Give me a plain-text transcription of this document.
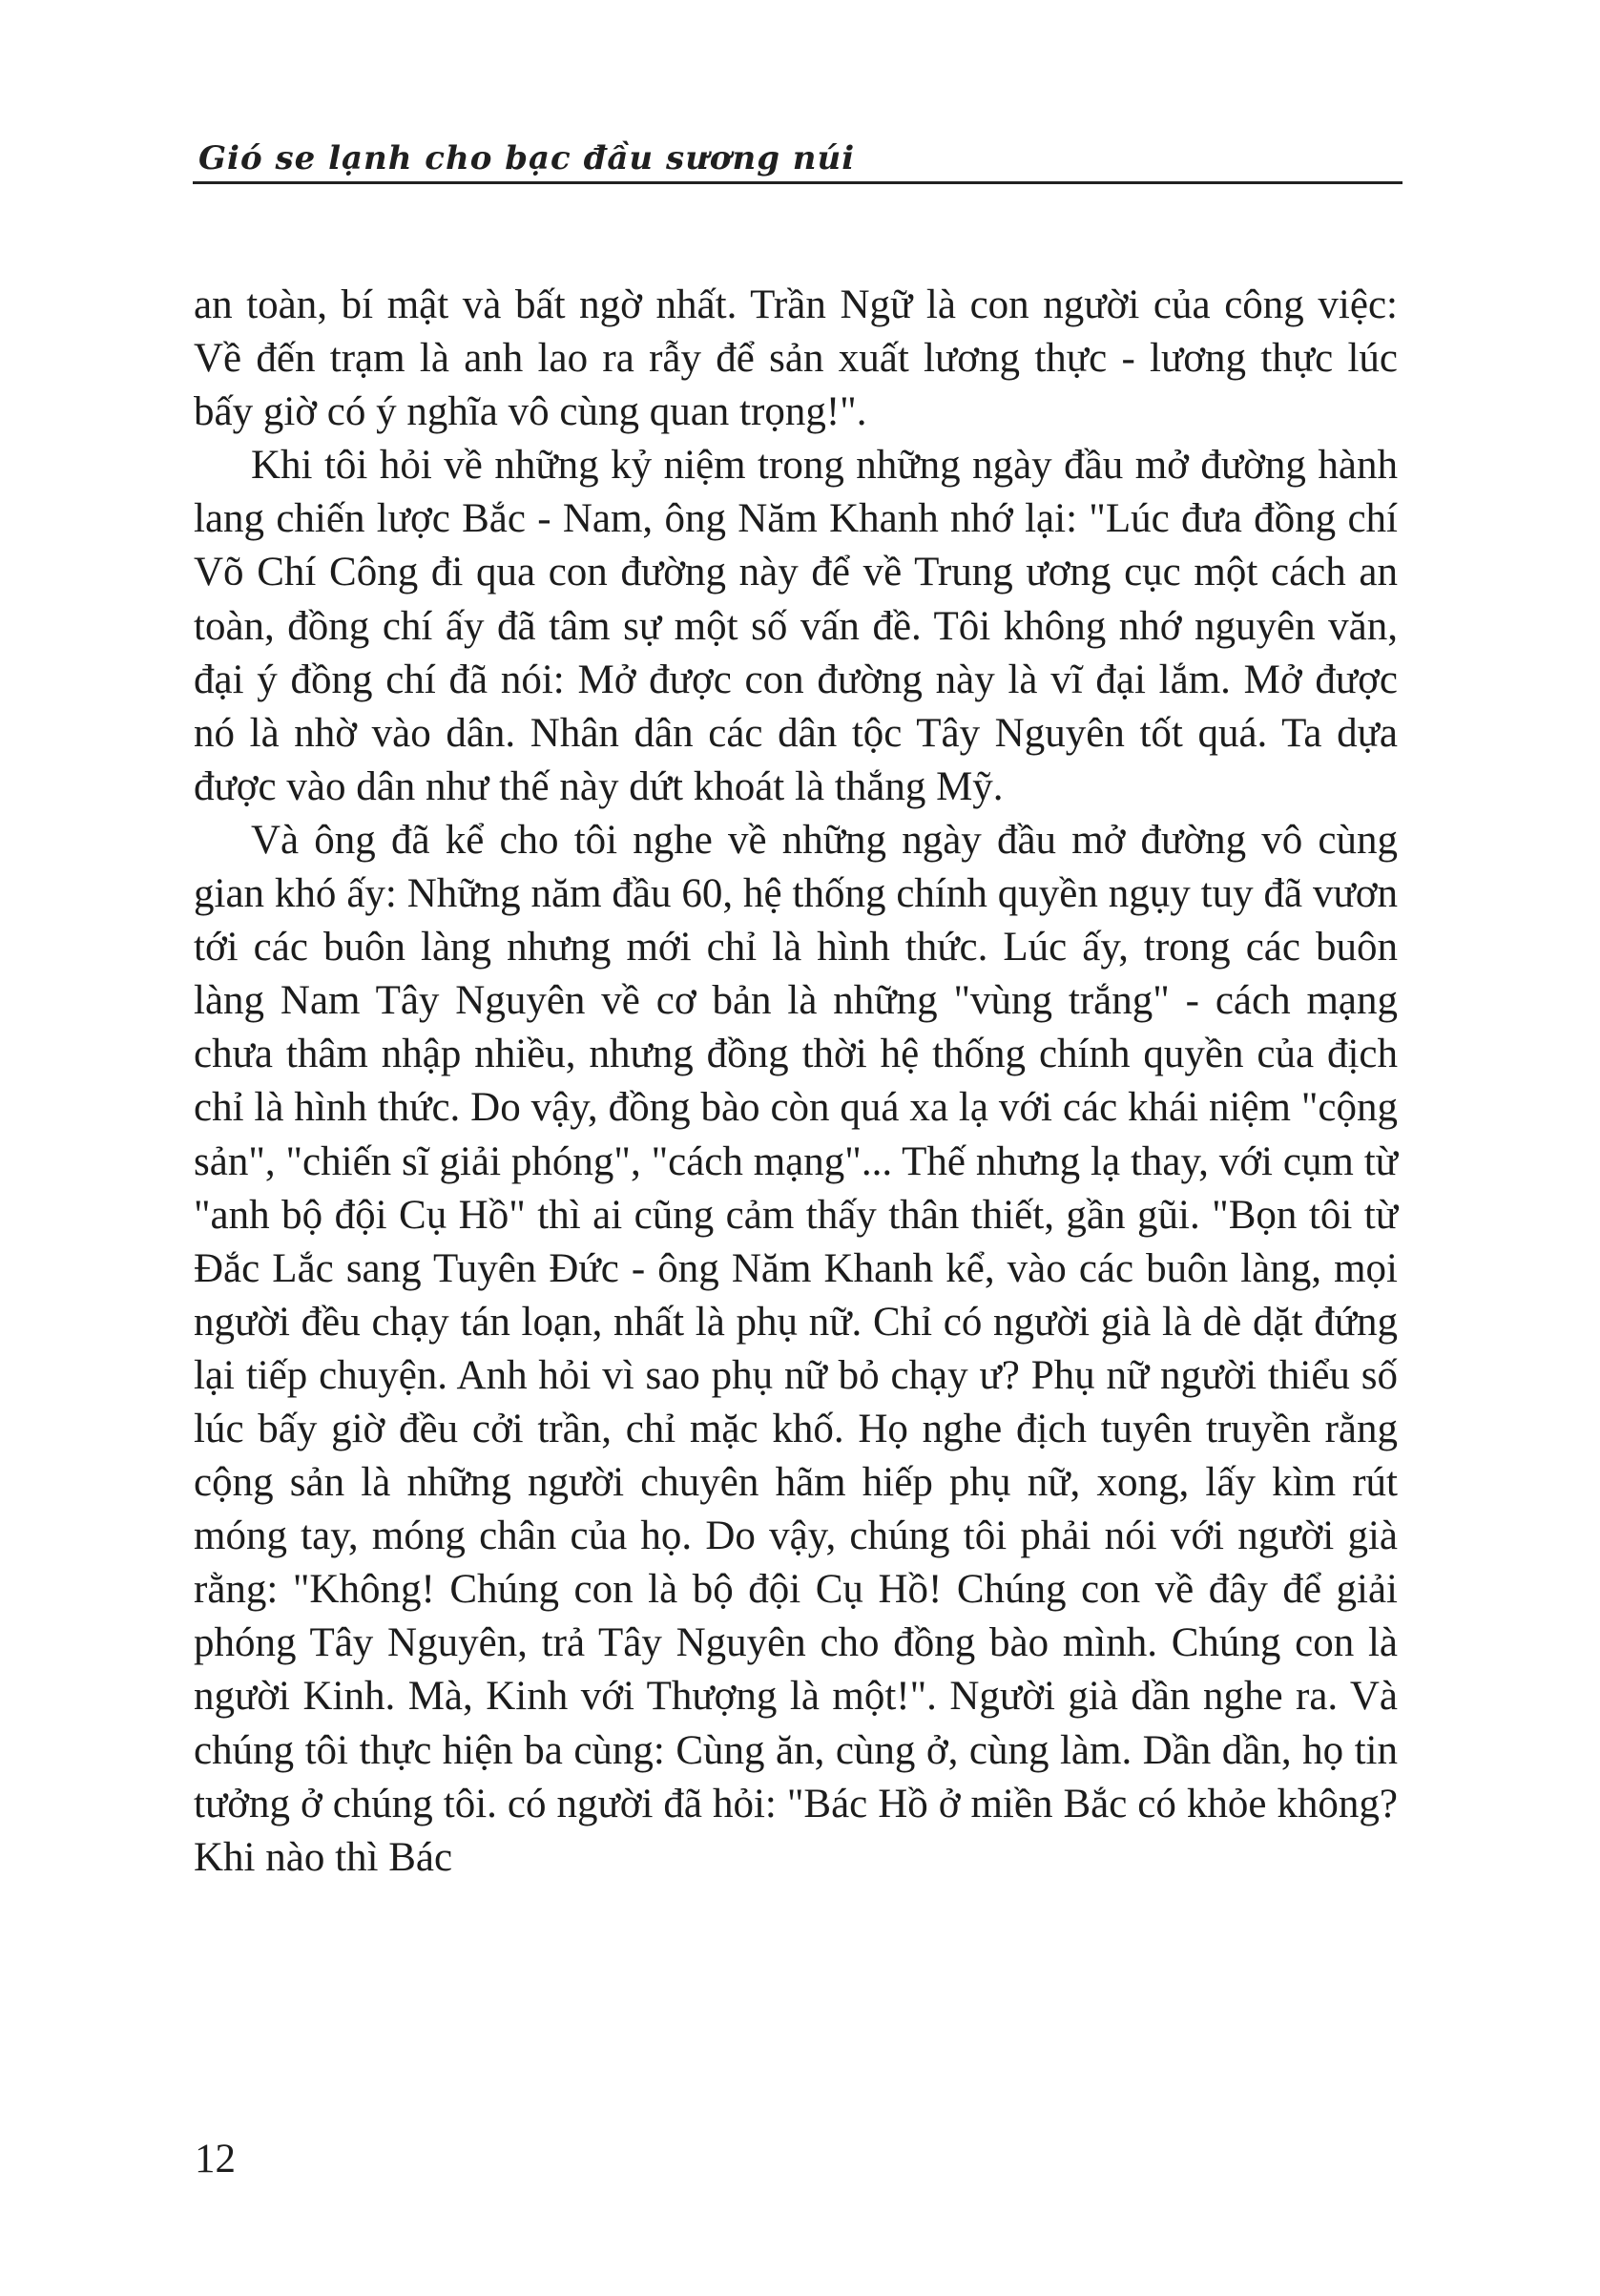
Gió se lạnh cho bạc đầu sương núi

an toàn, bí mật và bất ngờ nhất. Trần Ngữ là con người của công việc: Về đến trạm là anh lao ra rẫy để sản xuất lương thực - lương thực lúc bấy giờ có ý nghĩa vô cùng quan trọng!".

Khi tôi hỏi về những kỷ niệm trong những ngày đầu mở đường hành lang chiến lược Bắc - Nam, ông Năm Khanh nhớ lại: "Lúc đưa đồng chí Võ Chí Công đi qua con đường này để về Trung ương cục một cách an toàn, đồng chí ấy đã tâm sự một số vấn đề. Tôi không nhớ nguyên văn, đại ý đồng chí đã nói: Mở được con đường này là vĩ đại lắm. Mở được nó là nhờ vào dân. Nhân dân các dân tộc Tây Nguyên tốt quá. Ta dựa được vào dân như thế này dứt khoát là thắng Mỹ.

Và ông đã kể cho tôi nghe về những ngày đầu mở đường vô cùng gian khó ấy: Những năm đầu 60, hệ thống chính quyền ngụy tuy đã vươn tới các buôn làng nhưng mới chỉ là hình thức. Lúc ấy, trong các buôn làng Nam Tây Nguyên về cơ bản là những "vùng trắng" - cách mạng chưa thâm nhập nhiều, nhưng đồng thời hệ thống chính quyền của địch chỉ là hình thức. Do vậy, đồng bào còn quá xa lạ với các khái niệm "cộng sản", "chiến sĩ giải phóng", "cách mạng"... Thế nhưng lạ thay, với cụm từ "anh bộ đội Cụ Hồ" thì ai cũng cảm thấy thân thiết, gần gũi. "Bọn tôi từ Đắc Lắc sang Tuyên Đức - ông Năm Khanh kể, vào các buôn làng, mọi người đều chạy tán loạn, nhất là phụ nữ. Chỉ có người già là dè dặt đứng lại tiếp chuyện. Anh hỏi vì sao phụ nữ bỏ chạy ư? Phụ nữ người thiểu số lúc bấy giờ đều cởi trần, chỉ mặc khố. Họ nghe địch tuyên truyền rằng cộng sản là những người chuyên hãm hiếp phụ nữ, xong, lấy kìm rút móng tay, móng chân của họ. Do vậy, chúng tôi phải nói với người già rằng: "Không! Chúng con là bộ đội Cụ Hồ! Chúng con về đây để giải phóng Tây Nguyên, trả Tây Nguyên cho đồng bào mình. Chúng con là người Kinh. Mà, Kinh với Thượng là một!". Người già dần nghe ra. Và chúng tôi thực hiện ba cùng: Cùng ăn, cùng ở, cùng làm. Dần dần, họ tin tưởng ở chúng tôi. có người đã hỏi: "Bác Hồ ở miền Bắc có khỏe không? Khi nào thì Bác

12
